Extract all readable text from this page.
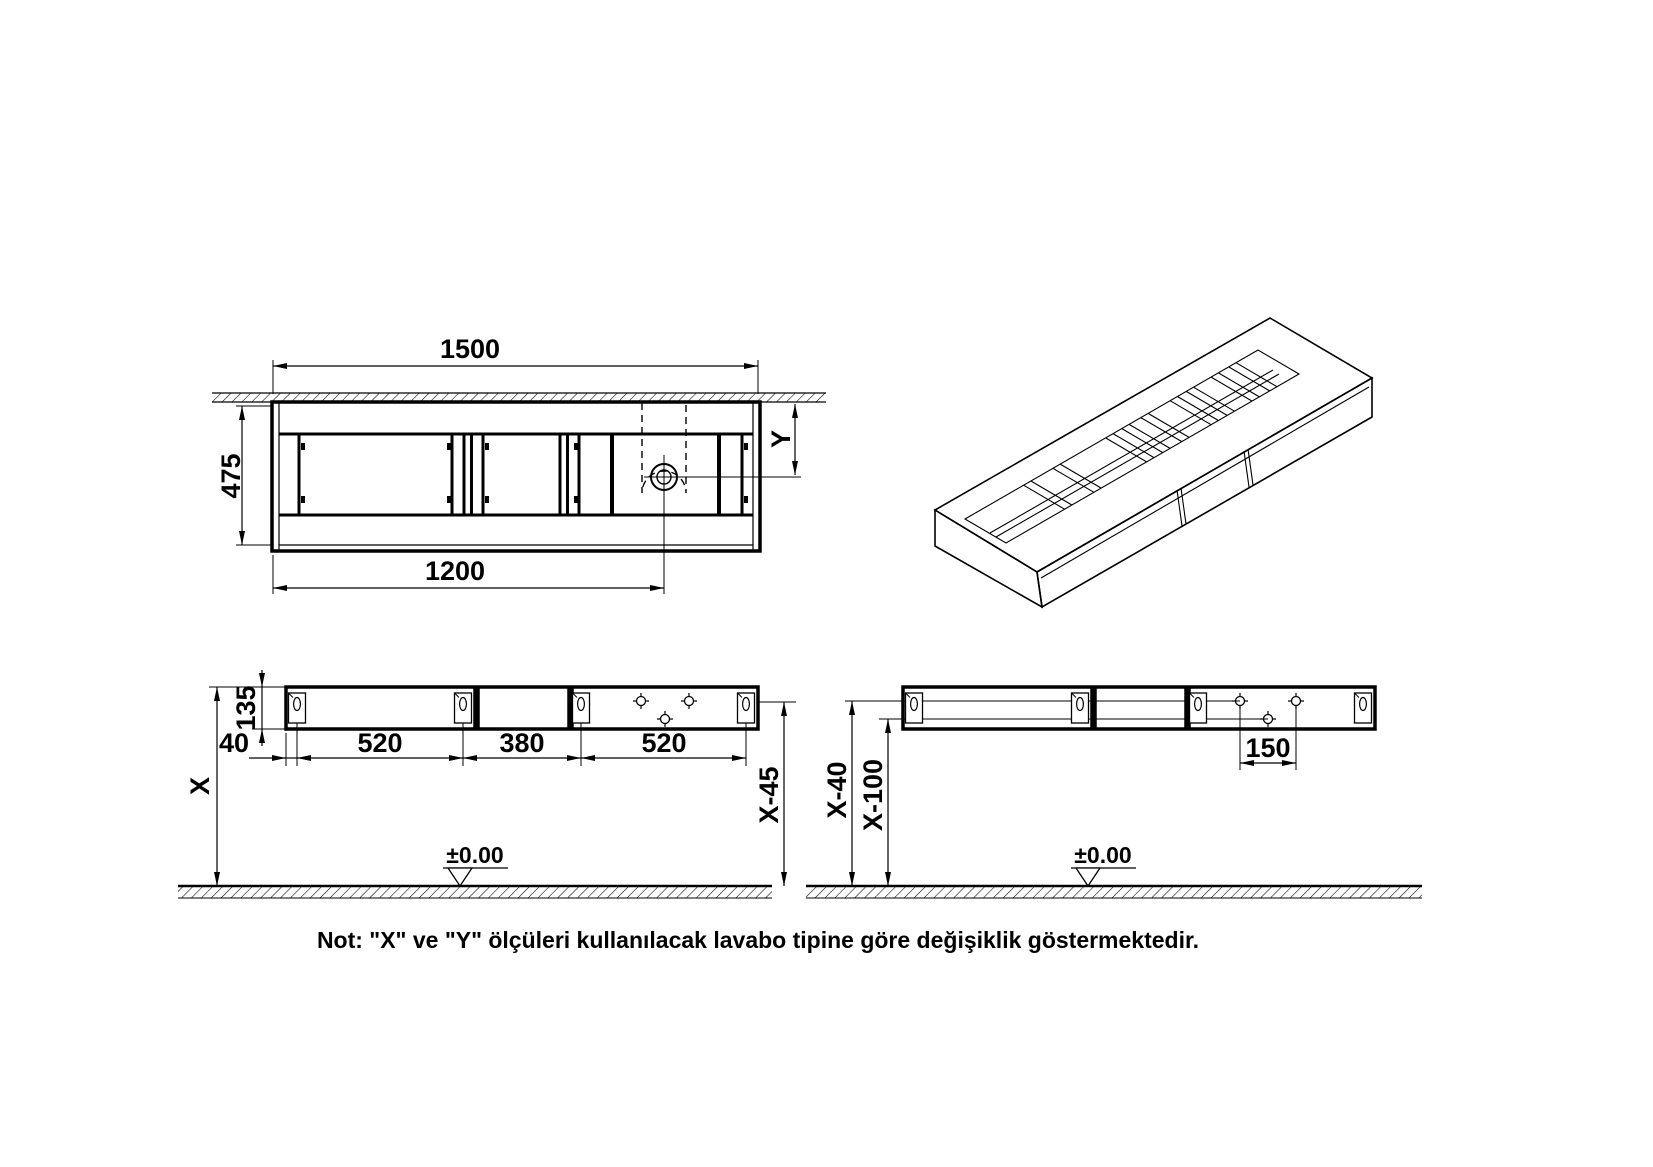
1500
475
1200
Y
135
40	520	380	520
X	X-45
±0.00
X-40 X-100
150
±0.00
Not: "X" ve "Y" ölçüleri kullanılacak lavabo tipine göre değişiklik göstermektedir.
